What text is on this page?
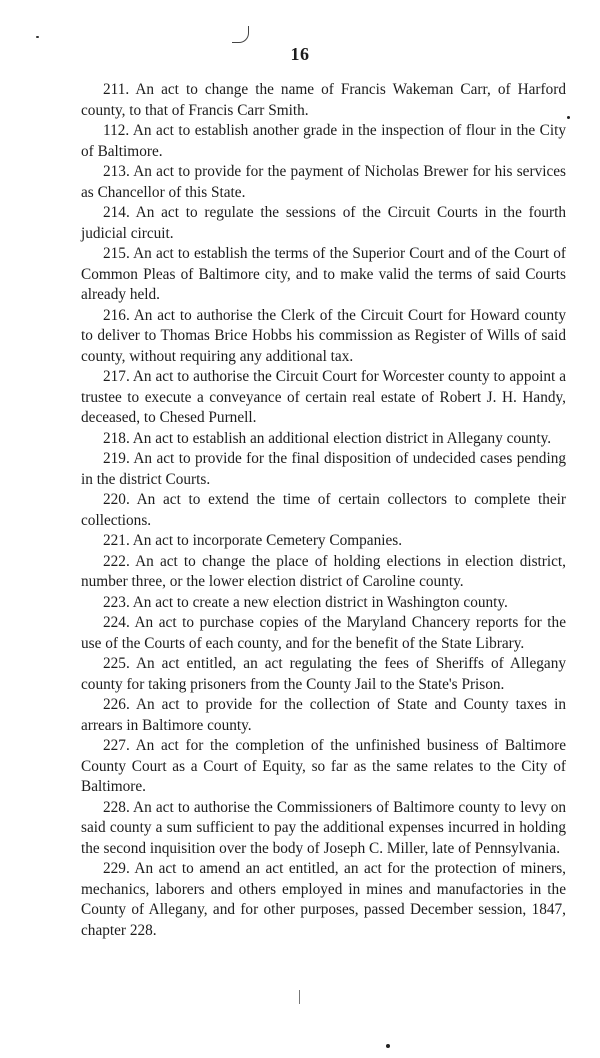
16

211. An act to change the name of Francis Wakeman Carr, of Harford county, to that of Francis Carr Smith.

112. An act to establish another grade in the inspection of flour in the City of Baltimore.

213. An act to provide for the payment of Nicholas Brewer for his services as Chancellor of this State.

214. An act to regulate the sessions of the Circuit Courts in the fourth judicial circuit.

215. An act to establish the terms of the Superior Court and of the Court of Common Pleas of Baltimore city, and to make valid the terms of said Courts already held.

216. An act to authorise the Clerk of the Circuit Court for Howard county to deliver to Thomas Brice Hobbs his commission as Register of Wills of said county, without requiring any additional tax.

217. An act to authorise the Circuit Court for Worcester county to appoint a trustee to execute a conveyance of certain real estate of Robert J. H. Handy, deceased, to Chesed Purnell.

218. An act to establish an additional election district in Allegany county.

219. An act to provide for the final disposition of undecided cases pending in the district Courts.

220. An act to extend the time of certain collectors to complete their collections.

221. An act to incorporate Cemetery Companies.

222. An act to change the place of holding elections in election district, number three, or the lower election district of Caroline county.

223. An act to create a new election district in Washington county.

224. An act to purchase copies of the Maryland Chancery reports for the use of the Courts of each county, and for the benefit of the State Library.

225. An act entitled, an act regulating the fees of Sheriffs of Allegany county for taking prisoners from the County Jail to the State's Prison.

226. An act to provide for the collection of State and County taxes in arrears in Baltimore county.

227. An act for the completion of the unfinished business of Baltimore County Court as a Court of Equity, so far as the same relates to the City of Baltimore.

228. An act to authorise the Commissioners of Baltimore county to levy on said county a sum sufficient to pay the additional expenses incurred in holding the second inquisition over the body of Joseph C. Miller, late of Pennsylvania.

229. An act to amend an act entitled, an act for the protection of miners, mechanics, laborers and others employed in mines and manufactories in the County of Allegany, and for other purposes, passed December session, 1847, chapter 228.
